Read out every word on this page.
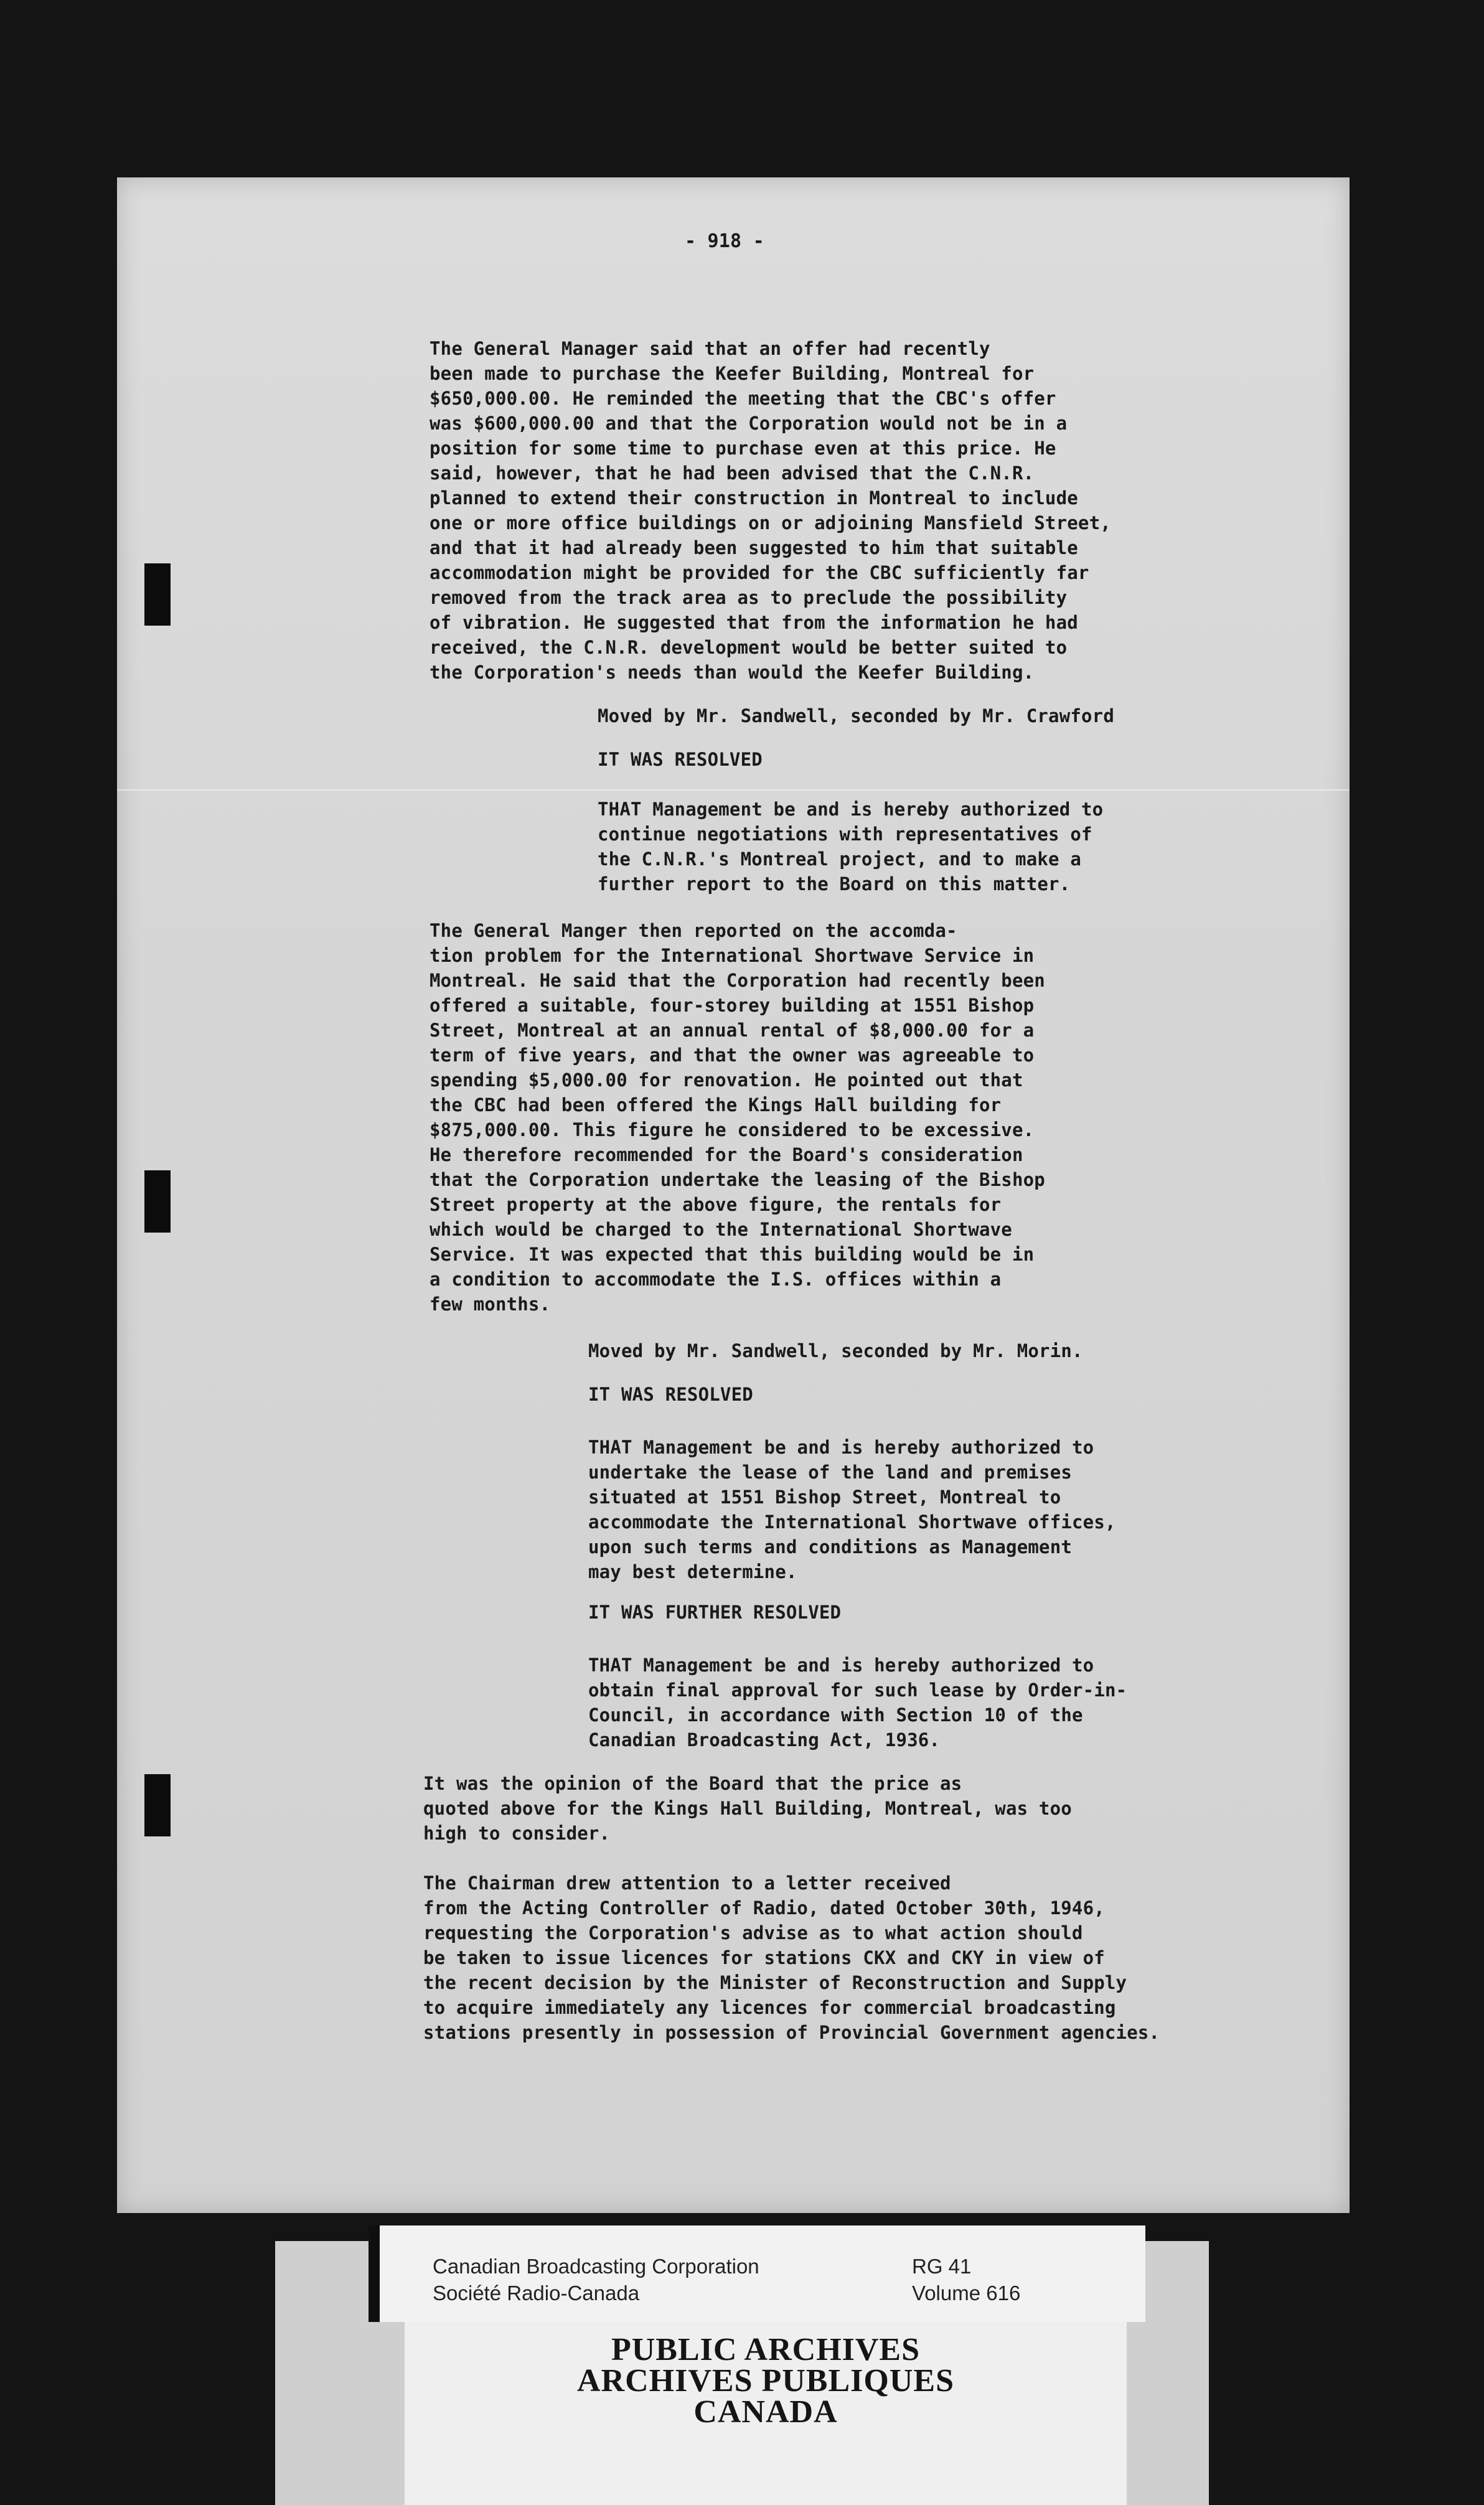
- 918 -
The General Manager said that an offer had recently
been made to purchase the Keefer Building, Montreal for
$650,000.00. He reminded the meeting that the CBC's offer
was $600,000.00 and that the Corporation would not be in a
position for some time to purchase even at this price. He
said, however, that he had been advised that the C.N.R.
planned to extend their construction in Montreal to include
one or more office buildings on or adjoining Mansfield Street,
and that it had already been suggested to him that suitable
accommodation might be provided for the CBC sufficiently far
removed from the track area as to preclude the possibility
of vibration. He suggested that from the information he had
received, the C.N.R. development would be better suited to
the Corporation's needs than would the Keefer Building.
Moved by Mr. Sandwell, seconded by Mr. Crawford
IT WAS RESOLVED
THAT Management be and is hereby authorized to
continue negotiations with representatives of
the C.N.R.'s Montreal project, and to make a
further report to the Board on this matter.
The General Manger then reported on the accomda-
tion problem for the International Shortwave Service in
Montreal. He said that the Corporation had recently been
offered a suitable, four-storey building at 1551 Bishop
Street, Montreal at an annual rental of $8,000.00 for a
term of five years, and that the owner was agreeable to
spending $5,000.00 for renovation. He pointed out that
the CBC had been offered the Kings Hall building for
$875,000.00. This figure he considered to be excessive.
He therefore recommended for the Board's consideration
that the Corporation undertake the leasing of the Bishop
Street property at the above figure, the rentals for
which would be charged to the International Shortwave
Service. It was expected that this building would be in
a condition to accommodate the I.S. offices within a
few months.
Moved by Mr. Sandwell, seconded by Mr. Morin.
IT WAS RESOLVED
THAT Management be and is hereby authorized to
undertake the lease of the land and premises
situated at 1551 Bishop Street, Montreal to
accommodate the International Shortwave offices,
upon such terms and conditions as Management
may best determine.
IT WAS FURTHER RESOLVED
THAT Management be and is hereby authorized to
obtain final approval for such lease by Order-in-
Council, in accordance with Section 10 of the
Canadian Broadcasting Act, 1936.
It was the opinion of the Board that the price as
quoted above for the Kings Hall Building, Montreal, was too
high to consider.
The Chairman drew attention to a letter received
from the Acting Controller of Radio, dated October 30th, 1946,
requesting the Corporation's advise as to what action should
be taken to issue licences for stations CKX and CKY in view of
the recent decision by the Minister of Reconstruction and Supply
to acquire immediately any licences for commercial broadcasting
stations presently in possession of Provincial Government agencies.
Canadian Broadcasting Corporation
Société Radio-Canada
RG 41
Volume 616
PUBLIC ARCHIVES
ARCHIVES PUBLIQUES
CANADA
